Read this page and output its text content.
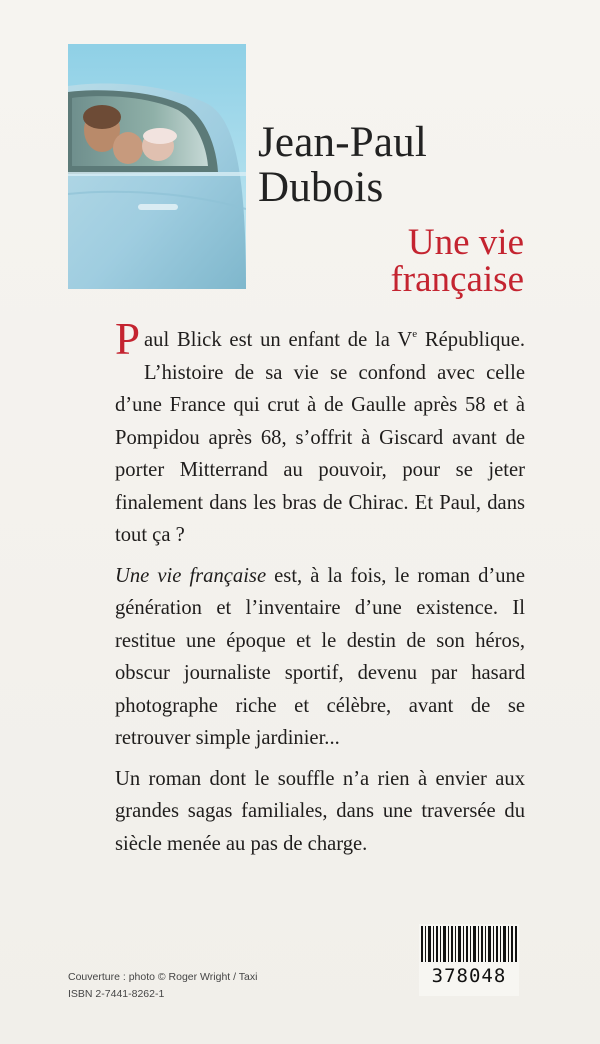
Jean-Paul
Dubois
Une vie
française

Paul Blick est un enfant de la Ve République. L’histoire de sa vie se confond avec celle d’une France qui crut à de Gaulle après 58 et à Pompidou après 68, s’offrit à Giscard avant de porter Mitterrand au pouvoir, pour se jeter finalement dans les bras de Chirac. Et Paul, dans tout ça ?

Une vie française est, à la fois, le roman d’une génération et l’inventaire d’une existence. Il restitue une époque et le destin de son héros, obscur journaliste sportif, devenu par hasard photographe riche et célèbre, avant de se retrouver simple jardinier...

Un roman dont le souffle n’a rien à envier aux grandes sagas familiales, dans une traversée du siècle menée au pas de charge.

Couverture : photo © Roger Wright / Taxi
ISBN 2-7441-8262-1
378048
